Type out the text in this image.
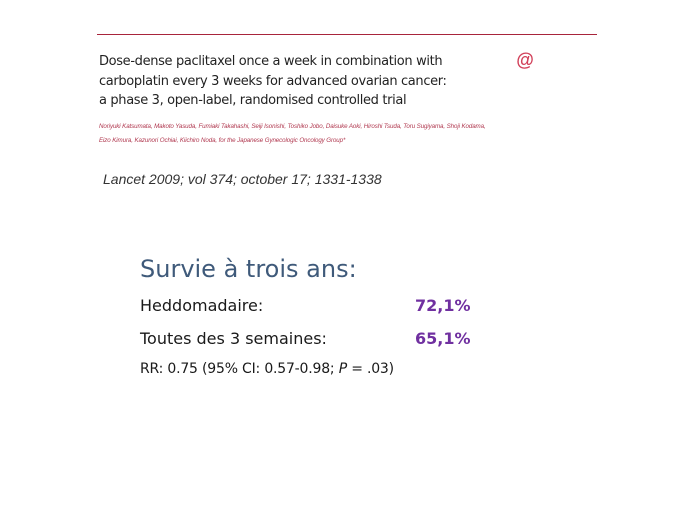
Dose-dense paclitaxel once a week in combination with
carboplatin every 3 weeks for advanced ovarian cancer:
a phase 3, open-label, randomised controlled trial
@

Noriyuki Katsumata, Makoto Yasuda, Fumiaki Takahashi, Seiji Isonishi, Toshiko Jobo, Daisuke Aoki, Hiroshi Tsuda, Toru Sugiyama, Shoji Kodama,
Eizo Kimura, Kazunori Ochiai, Kiichiro Noda, for the Japanese Gynecologic Oncology Group*

Lancet 2009; vol 374; october 17; 1331-1338

Survie à trois ans:
Heddomadaire:	72,1%
Toutes des 3 semaines:	65,1%

RR: 0.75 (95% CI: 0.57-0.98; P = .03)
